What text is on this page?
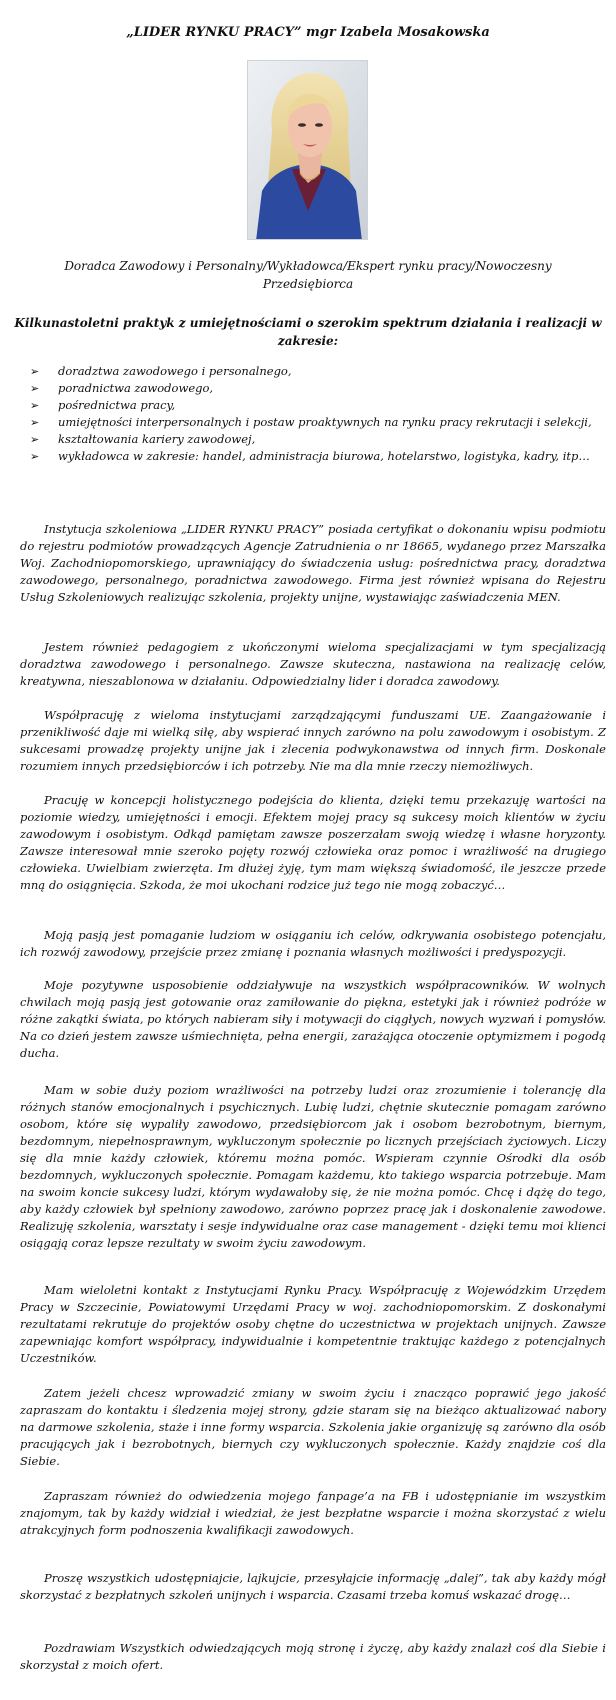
„LIDER RYNKU PRACY” mgr Izabela Mosakowska
Doradca Zawodowy i Personalny/Wykładowca/Ekspert rynku pracy/Nowoczesny Przedsiębiorca
Kilkunastoletni praktyk z umiejętnościami o szerokim spektrum działania i realizacji w zakresie:
➢ doradztwa zawodowego i personalnego,
➢ poradnictwa zawodowego,
➢ pośrednictwa pracy,
➢ umiejętności interpersonalnych i postaw proaktywnych na rynku pracy rekrutacji i selekcji,
➢ kształtowania kariery zawodowej,
➢ wykładowca w zakresie: handel, administracja biurowa, hotelarstwo, logistyka, kadry, itp…

Instytucja szkoleniowa „LIDER RYNKU PRACY” posiada certyfikat o dokonaniu wpisu podmiotu do rejestru podmiotów prowadzących Agencje Zatrudnienia o nr 18665, wydanego przez Marszałka Woj. Zachodniopomorskiego, uprawniający do świadczenia usług: pośrednictwa pracy, doradztwa zawodowego, personalnego, poradnictwa zawodowego. Firma jest również wpisana do Rejestru Usług Szkoleniowych realizując szkolenia, projekty unijne, wystawiając zaświadczenia MEN.

Jestem również pedagogiem z ukończonymi wieloma specjalizacjami w tym specjalizacją doradztwa zawodowego i personalnego. Zawsze skuteczna, nastawiona na realizację celów, kreatywna, nieszablonowa w działaniu. Odpowiedzialny lider i doradca zawodowy.

Współpracuję z wieloma instytucjami zarządzającymi funduszami UE. Zaangażowanie i przenikliwość daje mi wielką siłę, aby wspierać innych zarówno na polu zawodowym i osobistym. Z sukcesami prowadzę projekty unijne jak i zlecenia podwykonawstwa od innych firm. Doskonale rozumiem innych przedsiębiorców i ich potrzeby. Nie ma dla mnie rzeczy niemożliwych.

Pracuję w koncepcji holistycznego podejścia do klienta, dzięki temu przekazuję wartości na poziomie wiedzy, umiejętności i emocji. Efektem mojej pracy są sukcesy moich klientów w życiu zawodowym i osobistym. Odkąd pamiętam zawsze poszerzałam swoją wiedzę i własne horyzonty. Zawsze interesował mnie szeroko pojęty rozwój człowieka oraz pomoc i wrażliwość na drugiego człowieka. Uwielbiam zwierzęta. Im dłużej żyję, tym mam większą świadomość, ile jeszcze przede mną do osiągnięcia. Szkoda, że moi ukochani rodzice już tego nie mogą zobaczyć…

Moją pasją jest pomaganie ludziom w osiąganiu ich celów, odkrywania osobistego potencjału, ich rozwój zawodowy, przejście przez zmianę i poznania własnych możliwości i predyspozycji.

Moje pozytywne usposobienie oddziaływuje na wszystkich współpracowników. W wolnych chwilach moją pasją jest gotowanie oraz zamiłowanie do piękna, estetyki jak i również podróże w różne zakątki świata, po których nabieram siły i motywacji do ciągłych, nowych wyzwań i pomysłów. Na co dzień jestem zawsze uśmiechnięta, pełna energii, zarażająca otoczenie optymizmem i pogodą ducha.

Mam w sobie duży poziom wrażliwości na potrzeby ludzi oraz zrozumienie i tolerancję dla różnych stanów emocjonalnych i psychicznych. Lubię ludzi, chętnie skutecznie pomagam zarówno osobom, które się wypaliły zawodowo, przedsiębiorcom jak i osobom bezrobotnym, biernym, bezdomnym, niepełnosprawnym, wykluczonym społecznie po licznych przejściach życiowych. Liczy się dla mnie każdy człowiek, któremu można pomóc. Wspieram czynnie Ośrodki dla osób bezdomnych, wykluczonych społecznie. Pomagam każdemu, kto takiego wsparcia potrzebuje. Mam na swoim koncie sukcesy ludzi, którym wydawałoby się, że nie można pomóc. Chcę i dążę do tego, aby każdy człowiek był spełniony zawodowo, zarówno poprzez pracę jak i doskonalenie zawodowe. Realizuję szkolenia, warsztaty i sesje indywidualne oraz case management - dzięki temu moi klienci osiągają coraz lepsze rezultaty w swoim życiu zawodowym.

Mam wieloletni kontakt z Instytucjami Rynku Pracy. Współpracuję z Wojewódzkim Urzędem Pracy w Szczecinie, Powiatowymi Urzędami Pracy w woj. zachodniopomorskim. Z doskonałymi rezultatami rekrutuje do projektów osoby chętne do uczestnictwa w projektach unijnych. Zawsze zapewniając komfort współpracy, indywidualnie i kompetentnie traktując każdego z potencjalnych Uczestników.

Zatem jeżeli chcesz wprowadzić zmiany w swoim życiu i znacząco poprawić jego jakość zapraszam do kontaktu i śledzenia mojej strony, gdzie staram się na bieżąco aktualizować nabory na darmowe szkolenia, staże i inne formy wsparcia. Szkolenia jakie organizuję są zarówno dla osób pracujących jak i bezrobotnych, biernych czy wykluczonych społecznie. Każdy znajdzie coś dla Siebie.

Zapraszam również do odwiedzenia mojego fanpage’a na FB i udostępnianie im wszystkim znajomym, tak by każdy widział i wiedział, że jest bezpłatne wsparcie i można skorzystać z wielu atrakcyjnych form podnoszenia kwalifikacji zawodowych.

Proszę wszystkich udostępniajcie, lajkujcie, przesyłajcie informację „dalej”, tak aby każdy mógł skorzystać z bezpłatnych szkoleń unijnych i wsparcia. Czasami trzeba komuś wskazać drogę…

Pozdrawiam Wszystkich odwiedzających moją stronę i życzę, aby każdy znalazł coś dla Siebie i skorzystał z moich ofert.
